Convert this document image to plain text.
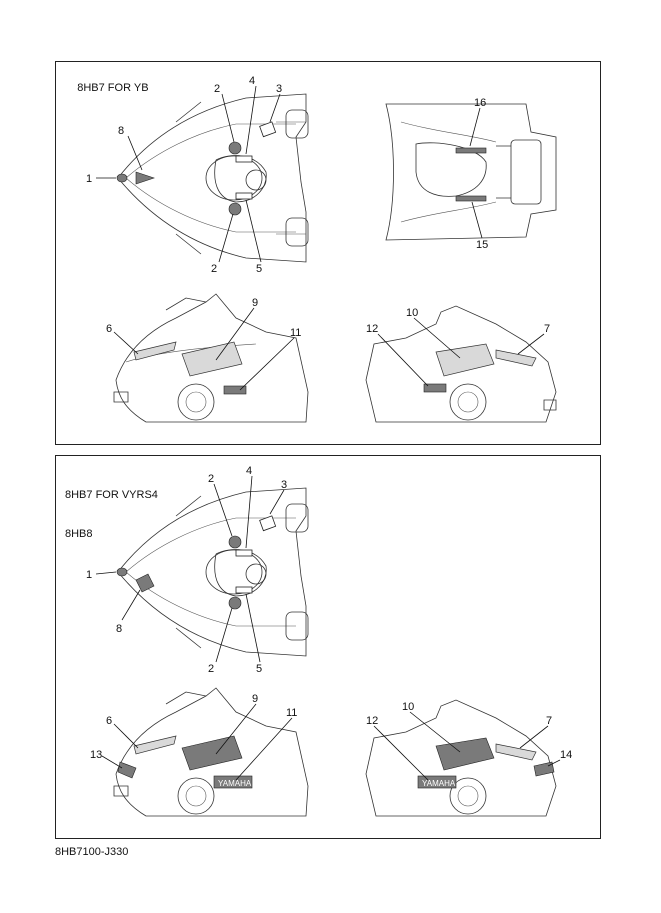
8HB7 FOR YB

1
2	3
4
2	5
8
16
15
6
9
11	12
10
7

8HB7 FOR VYRS4

8HB8

YAMAHA	YAMAHA
2
4
3
1
8
2	5
9
11
6
13
10
12	7
14
8HB7100-J330
